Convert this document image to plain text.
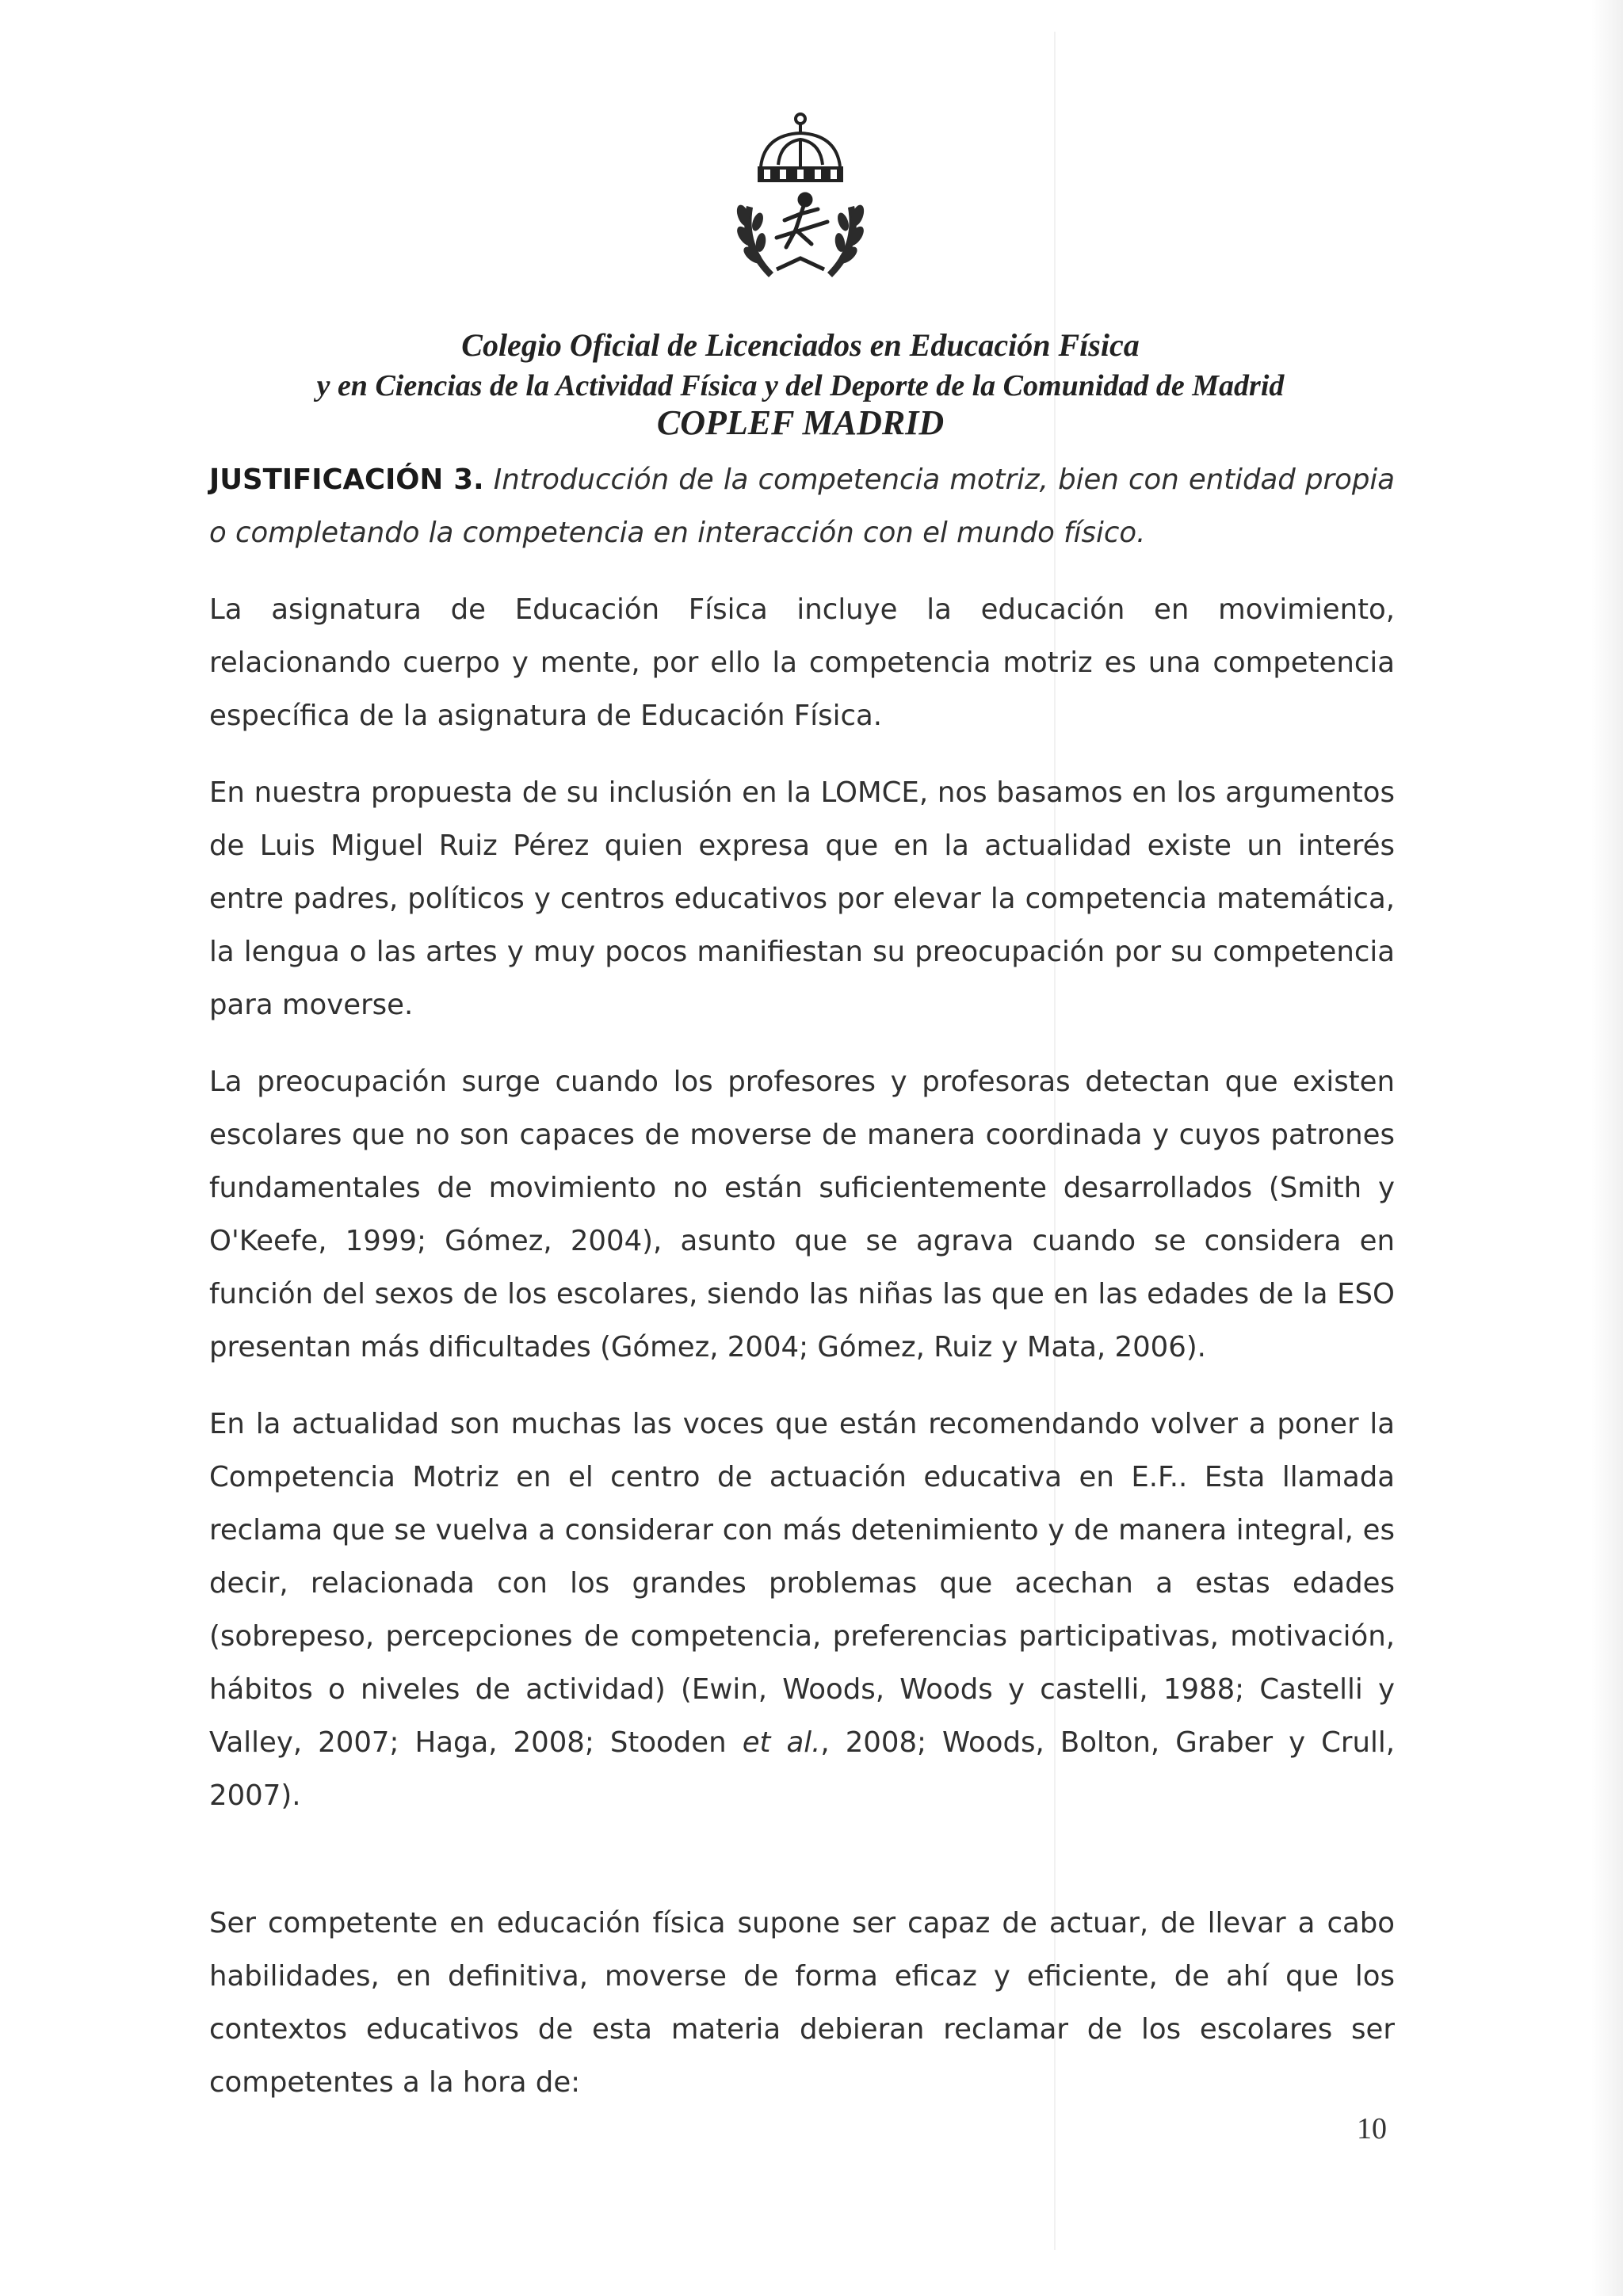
Colegio Oficial de Licenciados en Educación Física
y en Ciencias de la Actividad Física y del Deporte de la Comunidad de Madrid
COPLEF MADRID

JUSTIFICACIÓN 3. Introducción de la competencia motriz, bien con entidad propia o completando la competencia en interacción con el mundo físico.

La asignatura de Educación Física incluye la educación en movimiento, relacionando cuerpo y mente, por ello la competencia motriz es una competencia específica de la asignatura de Educación Física.

En nuestra propuesta de su inclusión en la LOMCE, nos basamos en los argumentos de Luis Miguel Ruiz Pérez quien expresa que en la actualidad existe un interés entre padres, políticos y centros educativos por elevar la competencia matemática, la lengua o las artes y muy pocos manifiestan su preocupación por su competencia para moverse.

La preocupación surge cuando los profesores y profesoras detectan que existen escolares que no son capaces de moverse de manera coordinada y cuyos patrones fundamentales de movimiento no están suficientemente desarrollados (Smith y O'Keefe, 1999; Gómez, 2004), asunto que se agrava cuando se considera en función del sexos de los escolares, siendo las niñas las que en las edades de la ESO presentan más dificultades (Gómez, 2004; Gómez, Ruiz y Mata, 2006).

En la actualidad son muchas las voces que están recomendando volver a poner la Competencia Motriz en el centro de actuación educativa en E.F.. Esta llamada reclama que se vuelva a considerar con más detenimiento y de manera integral, es decir, relacionada con los grandes problemas que acechan a estas edades (sobrepeso, percepciones de competencia, preferencias participativas, motivación, hábitos o niveles de actividad) (Ewin, Woods, Woods y castelli, 1988; Castelli y Valley, 2007; Haga, 2008; Stooden et al., 2008; Woods, Bolton, Graber y Crull, 2007).

Ser competente en educación física supone ser capaz de actuar, de llevar a cabo habilidades, en definitiva, moverse de forma eficaz y eficiente, de ahí que los contextos educativos de esta materia debieran reclamar de los escolares ser competentes a la hora de:

10
